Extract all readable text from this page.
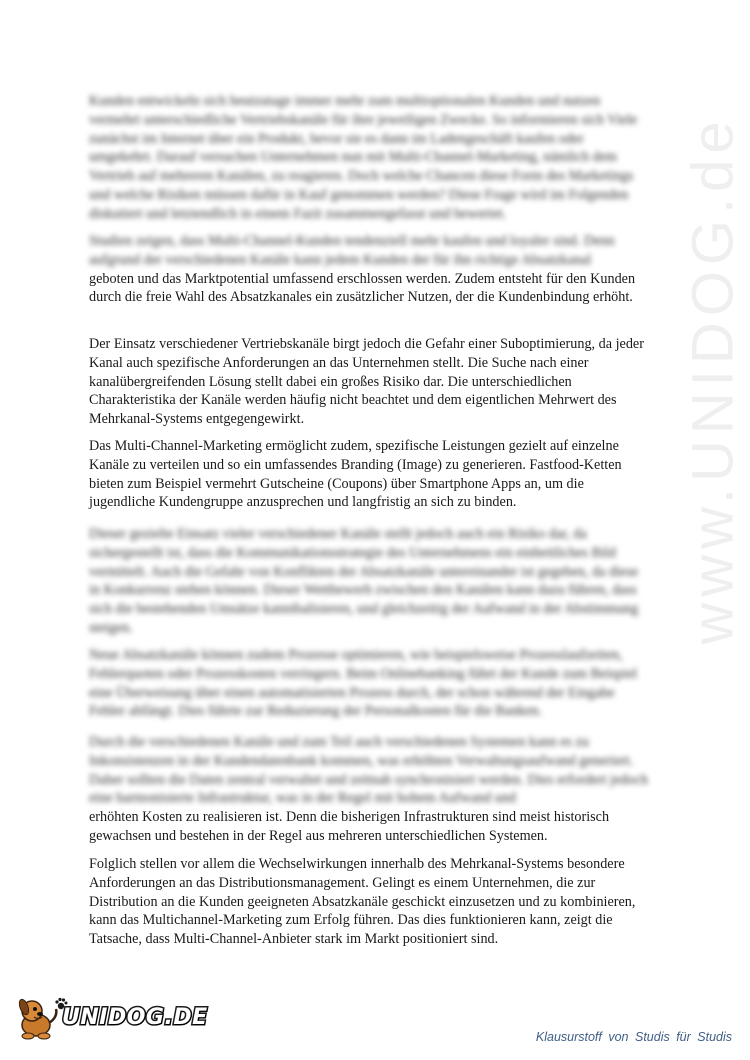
www.UNIDOG.de

Kunden entwickeln sich heutzutage immer mehr zum multioptionalen Kunden und nutzen vermehrt unterschiedliche Vertriebskanäle für ihre jeweiligen Zwecke. So informieren sich Viele zunächst im Internet über ein Produkt, bevor sie es dann im Ladengeschäft kaufen oder umgekehrt. Darauf versuchen Unternehmen nun mit Multi-Channel-Marketing, nämlich dem Vertrieb auf mehreren Kanälen, zu reagieren. Doch welche Chancen diese Form des Marketings und welche Risiken müssen dafür in Kauf genommen werden? Diese Frage wird im Folgenden diskutiert und letztendlich in einem Fazit zusammengefasst und bewertet.

Studien zeigen, dass Multi-Channel-Kunden tendenziell mehr kaufen und loyaler sind. Denn aufgrund der verschiedenen Kanäle kann jedem Kunden der für ihn richtige Absatzkanal

geboten und das Marktpotential umfassend erschlossen werden. Zudem entsteht für den Kunden durch die freie Wahl des Absatzkanales ein zusätzlicher Nutzen, der die Kundenbindung erhöht.

Der Einsatz verschiedener Vertriebskanäle birgt jedoch die Gefahr einer Suboptimierung, da jeder Kanal auch spezifische Anforderungen an das Unternehmen stellt. Die Suche nach einer kanalübergreifenden Lösung stellt dabei ein großes Risiko dar. Die unterschiedlichen Charakteristika der Kanäle werden häufig nicht beachtet und dem eigentlichen Mehrwert des Mehrkanal-Systems entgegengewirkt.

Das Multi-Channel-Marketing ermöglicht zudem, spezifische Leistungen gezielt auf einzelne Kanäle zu verteilen und so ein umfassendes Branding (Image) zu generieren. Fastfood-Ketten bieten zum Beispiel vermehrt Gutscheine (Coupons) über Smartphone Apps an, um die jugendliche Kundengruppe anzusprechen und langfristig an sich zu binden.

Dieser gezielte Einsatz vieler verschiedener Kanäle stellt jedoch auch ein Risiko dar, da sichergestellt ist, dass die Kommunikationsstrategie des Unternehmens ein einheitliches Bild vermittelt. Auch die Gefahr von Konflikten der Absatzkanäle untereinander ist gegeben, da diese in Konkurrenz stehen können. Dieser Wettbewerb zwischen den Kanälen kann dazu führen, dass sich die bestehenden Umsätze kannibalisieren, und gleichzeitig der Aufwand in der Abstimmung steigen.

Neue Absatzkanäle können zudem Prozesse optimieren, wie beispielsweise Prozesslaufzeiten, Fehlerquoten oder Prozesskosten verringern. Beim Onlinebanking führt der Kunde zum Beispiel eine Überweisung über einen automatisierten Prozess durch, der schon während der Eingabe Fehler abfängt. Dies führte zur Reduzierung der Personalkosten für die Banken.

Durch die verschiedenen Kanäle und zum Teil auch verschiedenen Systemen kann es zu Inkonsistenzen in der Kundendatenbank kommen, was erhöhten Verwaltungsaufwand generiert. Daher sollten die Daten zentral verwaltet und zeitnah synchronisiert werden. Dies erfordert jedoch eine harmonisierte Infrastruktur, was in der Regel mit hohem Aufwand und

erhöhten Kosten zu realisieren ist. Denn die bisherigen Infrastrukturen sind meist historisch gewachsen und bestehen in der Regel aus mehreren unterschiedlichen Systemen.

Folglich stellen vor allem die Wechselwirkungen innerhalb des Mehrkanal-Systems besondere Anforderungen an das Distributionsmanagement. Gelingt es einem Unternehmen, die zur Distribution an die Kunden geeigneten Absatzkanäle geschickt einzusetzen und zu kombinieren, kann das Multichannel-Marketing zum Erfolg führen. Das dies funktionieren kann, zeigt die Tatsache, dass Multi-Channel-Anbieter stark im Markt positioniert sind.

UNIDOG.DE
Klausurstoff von Studis für Studis
